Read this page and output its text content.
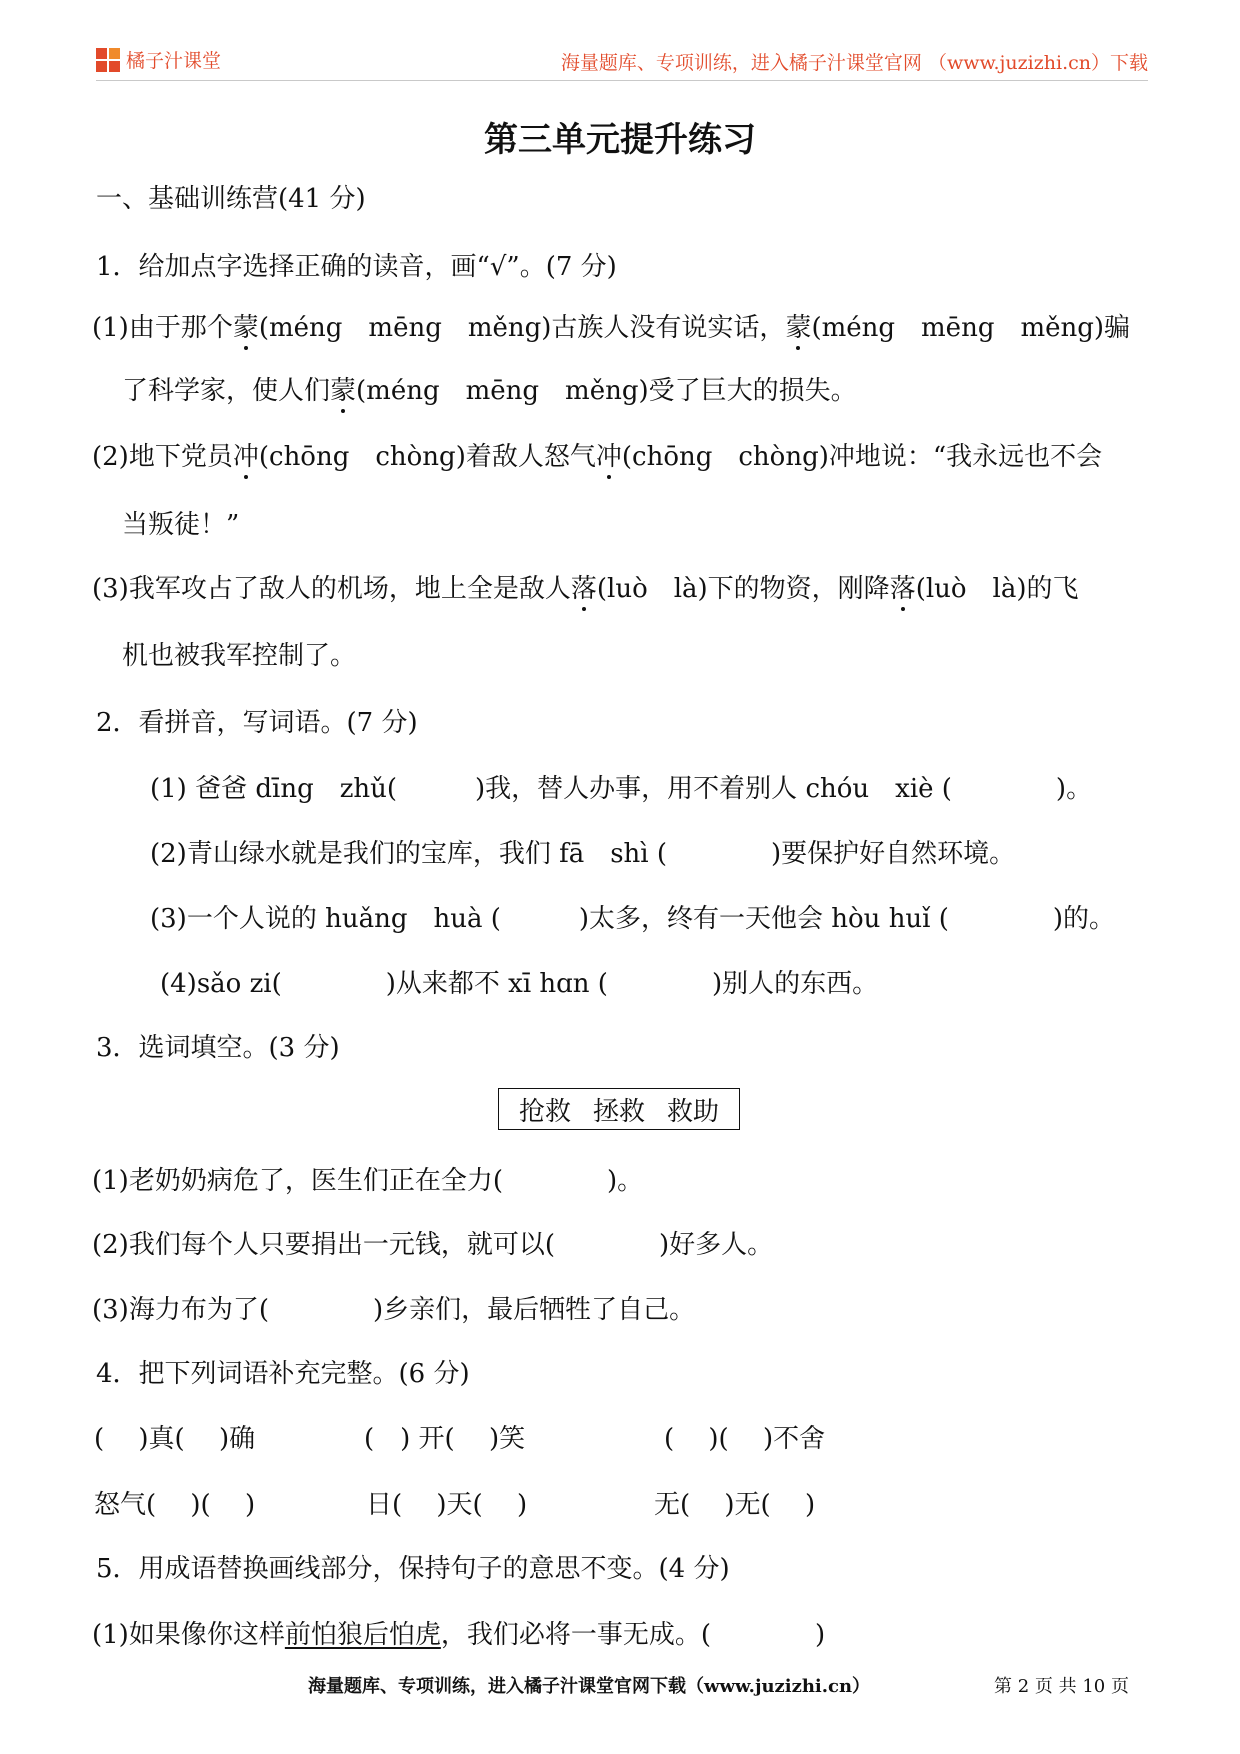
橘子汁课堂	海量题库、专项训练，进入橘子汁课堂官网 （www.juzizhi.cn）下载
第三单元提升练习
一、基础训练营(41 分)
1．给加点字选择正确的读音，画“√”。(7 分)
(1)由于那个蒙(méng　mēng　měng)古族人没有说实话，蒙(méng　mēng　měng)骗
了科学家，使人们蒙(méng　mēng　měng)受了巨大的损失。
(2)地下党员冲(chōng　chòng)着敌人怒气冲(chōng　chòng)冲地说：“我永远也不会
当叛徒！”
(3)我军攻占了敌人的机场，地上全是敌人落(luò　là)下的物资，刚降落(luò　là)的飞
机也被我军控制了。
2．看拼音，写词语。(7 分)
(1) 爸爸 dīng　zhǔ(　　　)我，替人办事，用不着别人 chóu　xiè (　　　　)。
(2)青山绿水就是我们的宝库，我们 fā　shì (　　　　)要保护好自然环境。
(3)一个人说的 huǎng　huà (　　　)太多，终有一天他会 hòu huǐ (　　　　)的。
(4)sǎo zi(　　　　)从来都不 xī hɑn (　　　　)别人的东西。
3．选词填空。(3 分)
抢救 拯救 救助
(1)老奶奶病危了，医生们正在全力(　　　　)。
(2)我们每个人只要捐出一元钱，就可以(　　　　)好多人。
(3)海力布为了(　　　　)乡亲们，最后牺牲了自己。
4．把下列词语补充完整。(6 分)
(　 )真(　 )确	(　) 开(　 )笑	(　 )(　 )不舍
怒气(　 )(　 )	日(　 )天(　 )	无(　 )无(　 )
5．用成语替换画线部分，保持句子的意思不变。(4 分)
(1)如果像你这样前怕狼后怕虎，我们必将一事无成。(　　　　)
海量题库、专项训练，进入橘子汁课堂官网下载（www.juzizhi.cn）	第 2 页 共 10 页
